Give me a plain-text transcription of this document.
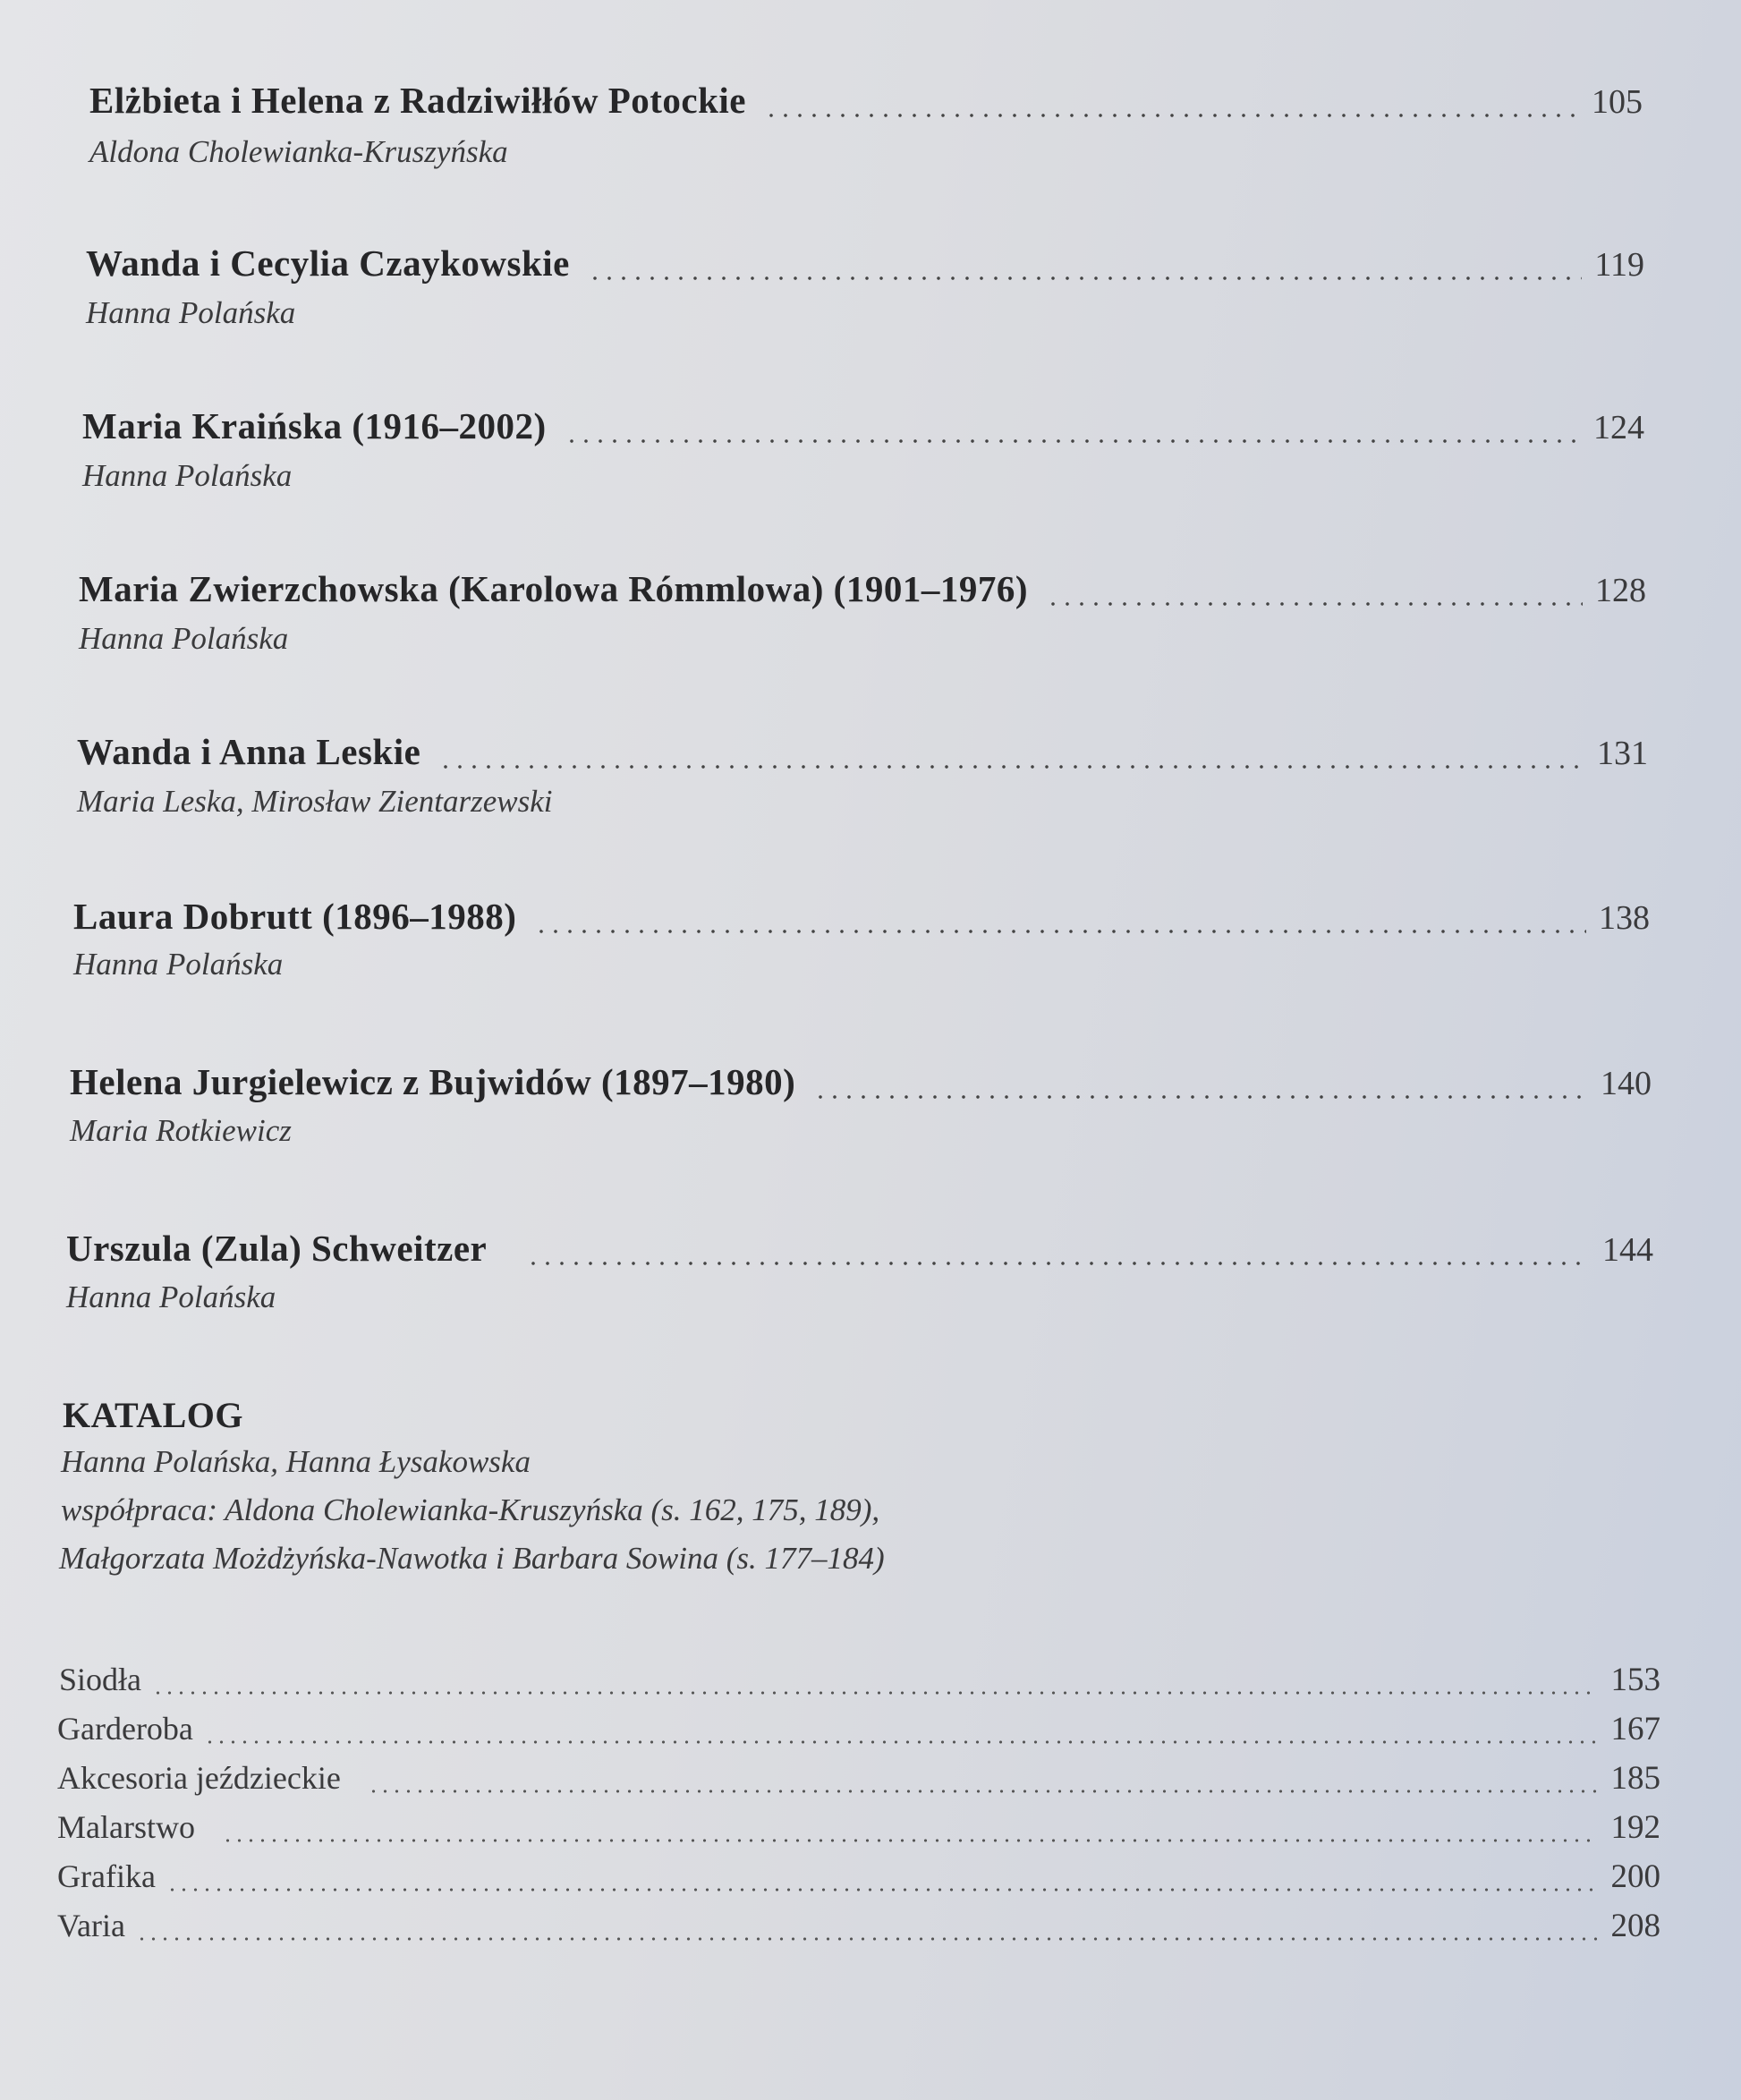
Elżbieta i Helena z Radziwiłłów Potockie	105
Aldona Cholewianka-Kruszyńska
Wanda i Cecylia Czaykowskie	119
Hanna Polańska
Maria Kraińska (1916–2002)	124
Hanna Polańska
Maria Zwierzchowska (Karolowa Rómmlowa) (1901–1976)	128
Hanna Polańska
Wanda i Anna Leskie	131
Maria Leska, Mirosław Zientarzewski
Laura Dobrutt (1896–1988)	138
Hanna Polańska
Helena Jurgielewicz z Bujwidów (1897–1980)	140
Maria Rotkiewicz
Urszula (Zula) Schweitzer	144
Hanna Polańska
KATALOG
Hanna Polańska, Hanna Łysakowska
współpraca: Aldona Cholewianka-Kruszyńska (s. 162, 175, 189),
Małgorzata Możdżyńska-Nawotka i Barbara Sowina (s. 177–184)
Siodła	153
Garderoba	167
Akcesoria jeździeckie	185
Malarstwo	192
Grafika	200
Varia	208
